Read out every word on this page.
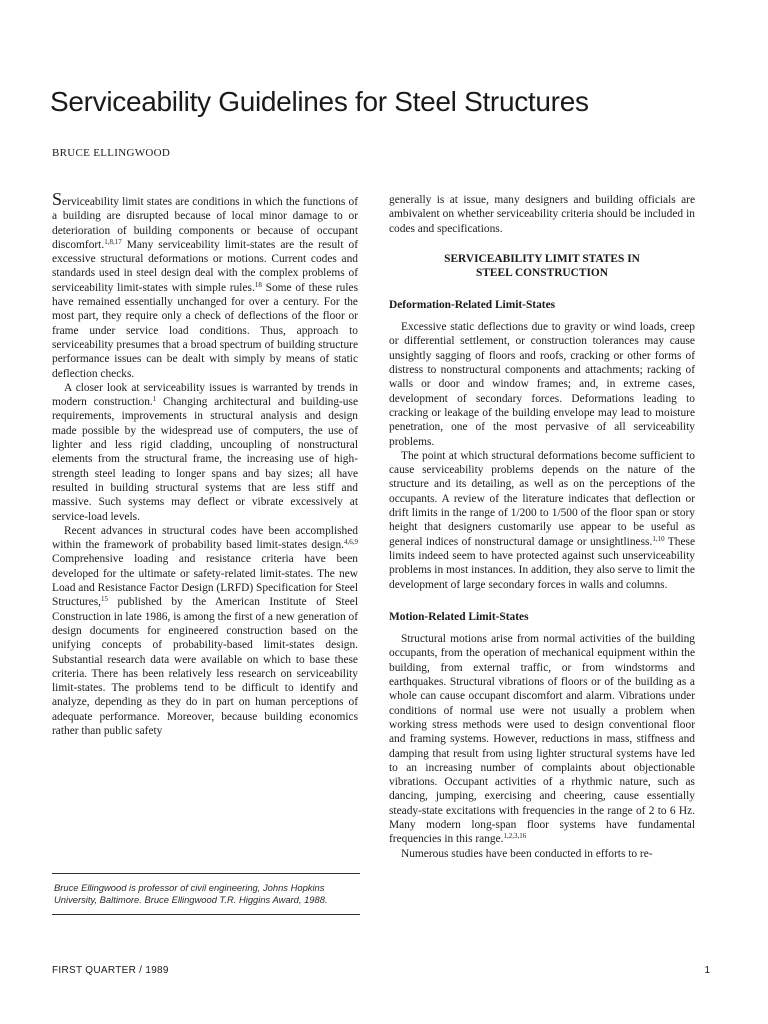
Serviceability Guidelines for Steel Structures
BRUCE ELLINGWOOD

Serviceability limit states are conditions in which the functions of a building are disrupted because of local minor damage to or deterioration of building components or because of occupant discomfort.$^{1,8,17}$ Many serviceability limit-states are the result of excessive structural deformations or motions. Current codes and standards used in steel design deal with the complex problems of serviceability limit-states with simple rules.$^{18}$ Some of these rules have remained essentially unchanged for over a century. For the most part, they require only a check of deflections of the floor or frame under service load conditions. Thus, approach to serviceability presumes that a broad spectrum of building structure performance issues can be dealt with simply by means of static deflection checks.

A closer look at serviceability issues is warranted by trends in modern construction.$^1$ Changing architectural and building-use requirements, improvements in structural analysis and design made possible by the widespread use of computers, the use of lighter and less rigid cladding, uncoupling of nonstructural elements from the structural frame, the increasing use of high-strength steel leading to longer spans and bay sizes; all have resulted in building structural systems that are less stiff and massive. Such systems may deflect or vibrate excessively at service-load levels.

Recent advances in structural codes have been accomplished within the framework of probability based limit-states design.$^{4,6,9}$ Comprehensive loading and resistance criteria have been developed for the ultimate or safety-related limit-states. The new Load and Resistance Factor Design (LRFD) Specification for Steel Structures,$^{15}$ published by the American Institute of Steel Construction in late 1986, is among the first of a new generation of design documents for engineered construction based on the unifying concepts of probability-based limit-states design. Substantial research data were available on which to base these criteria. There has been relatively less research on serviceability limit-states. The problems tend to be difficult to identify and analyze, depending as they do in part on human perceptions of adequate performance. Moreover, because building economics rather than public safety

generally is at issue, many designers and building officials are ambivalent on whether serviceability criteria should be included in codes and specifications.

SERVICEABILITY LIMIT STATES IN
STEEL CONSTRUCTION
Deformation-Related Limit-States

Excessive static deflections due to gravity or wind loads, creep or differential settlement, or construction tolerances may cause unsightly sagging of floors and roofs, cracking or other forms of distress to nonstructural components and attachments; racking of walls or door and window frames; and, in extreme cases, development of secondary forces. Deformations leading to cracking or leakage of the building envelope may lead to moisture penetration, one of the most pervasive of all serviceability problems.

The point at which structural deformations become sufficient to cause serviceability problems depends on the nature of the structure and its detailing, as well as on the perceptions of the occupants. A review of the literature indicates that deflection or drift limits in the range of 1/200 to 1/500 of the floor span or story height that designers customarily use appear to be useful as general indices of nonstructural damage or unsightliness.$^{1,10}$ These limits indeed seem to have protected against such unserviceability problems in most instances. In addition, they also serve to limit the development of large secondary forces in walls and columns.

Motion-Related Limit-States

Structural motions arise from normal activities of the building occupants, from the operation of mechanical equipment within the building, from external traffic, or from windstorms and earthquakes. Structural vibrations of floors or of the building as a whole can cause occupant discomfort and alarm. Vibrations under conditions of normal use were not usually a problem when working stress methods were used to design conventional floor and framing systems. However, reductions in mass, stiffness and damping that result from using lighter structural systems have led to an increasing number of complaints about objectionable vibrations. Occupant activities of a rhythmic nature, such as dancing, jumping, exercising and cheering, cause essentially steady-state excitations with frequencies in the range of 2 to 6 Hz. Many modern long-span floor systems have fundamental frequencies in this range.$^{1,2,3,16}$

Numerous studies have been conducted in efforts to re-

Bruce Ellingwood is professor of civil engineering, Johns Hopkins University, Baltimore. Bruce Ellingwood T.R. Higgins Award, 1988.
FIRST QUARTER / 1989	1
